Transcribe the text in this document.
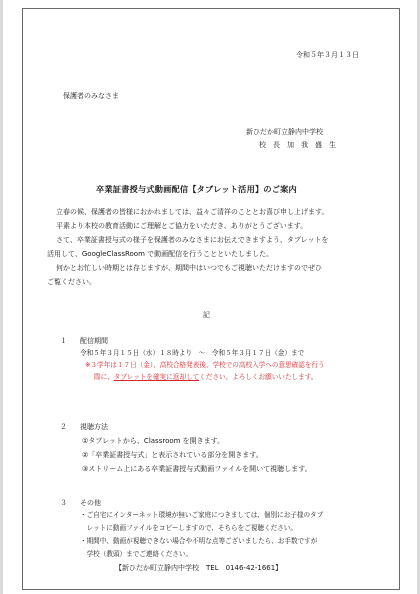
令和５年３月１３日
保護者のみなさま
新ひだか町立静内中学校
校　長　加　我　盛　生
卒業証書授与式動画配信【タブレット活用】のご案内
立春の候、保護者の皆様におかれましては、益々ご清祥のこととお喜び申し上げます。
平素より本校の教育活動にご理解とご協力をいただき、ありがとうございます。
さて、卒業証書授与式の様子を保護者のみなさまにお伝えできますよう、タブレットを
活用して、GoogleClassRoom で動画配信を行うことといたしました。
何かとお忙しい時期とは存じますが、期間中はいつでもご視聴いただけますのでぜひ
ご覧ください。
記
１ 配信期間
令和５年３月１５日（水）１８時より　〜　令和５年３月１７日（金）まで
※３学年は１７日（金）、高校合格発表後、学校での高校入学への意思確認を行う
際に、タブレットを確実に返却してください。よろしくお願いいたします。
２ 視聴方法
①タブレットから、Classroom を開きます。
②「卒業証書授与式」と表示されている部分を開きます。
③ストリーム上にある卒業証書授与式動画ファイルを開いて視聴します。
３ その他
・ご自宅にインターネット環境が無いご家庭につきましては、個別にお子様のタブ
　レットに動画ファイルをコピーしますので、そちらをご視聴ください。
・期間中、動画が視聴できない場合や不明な点等ございましたら、お手数ですが
　学校（教頭）までご連絡ください。
【新ひだか町立静内中学校　TEL　0146-42-1661】
